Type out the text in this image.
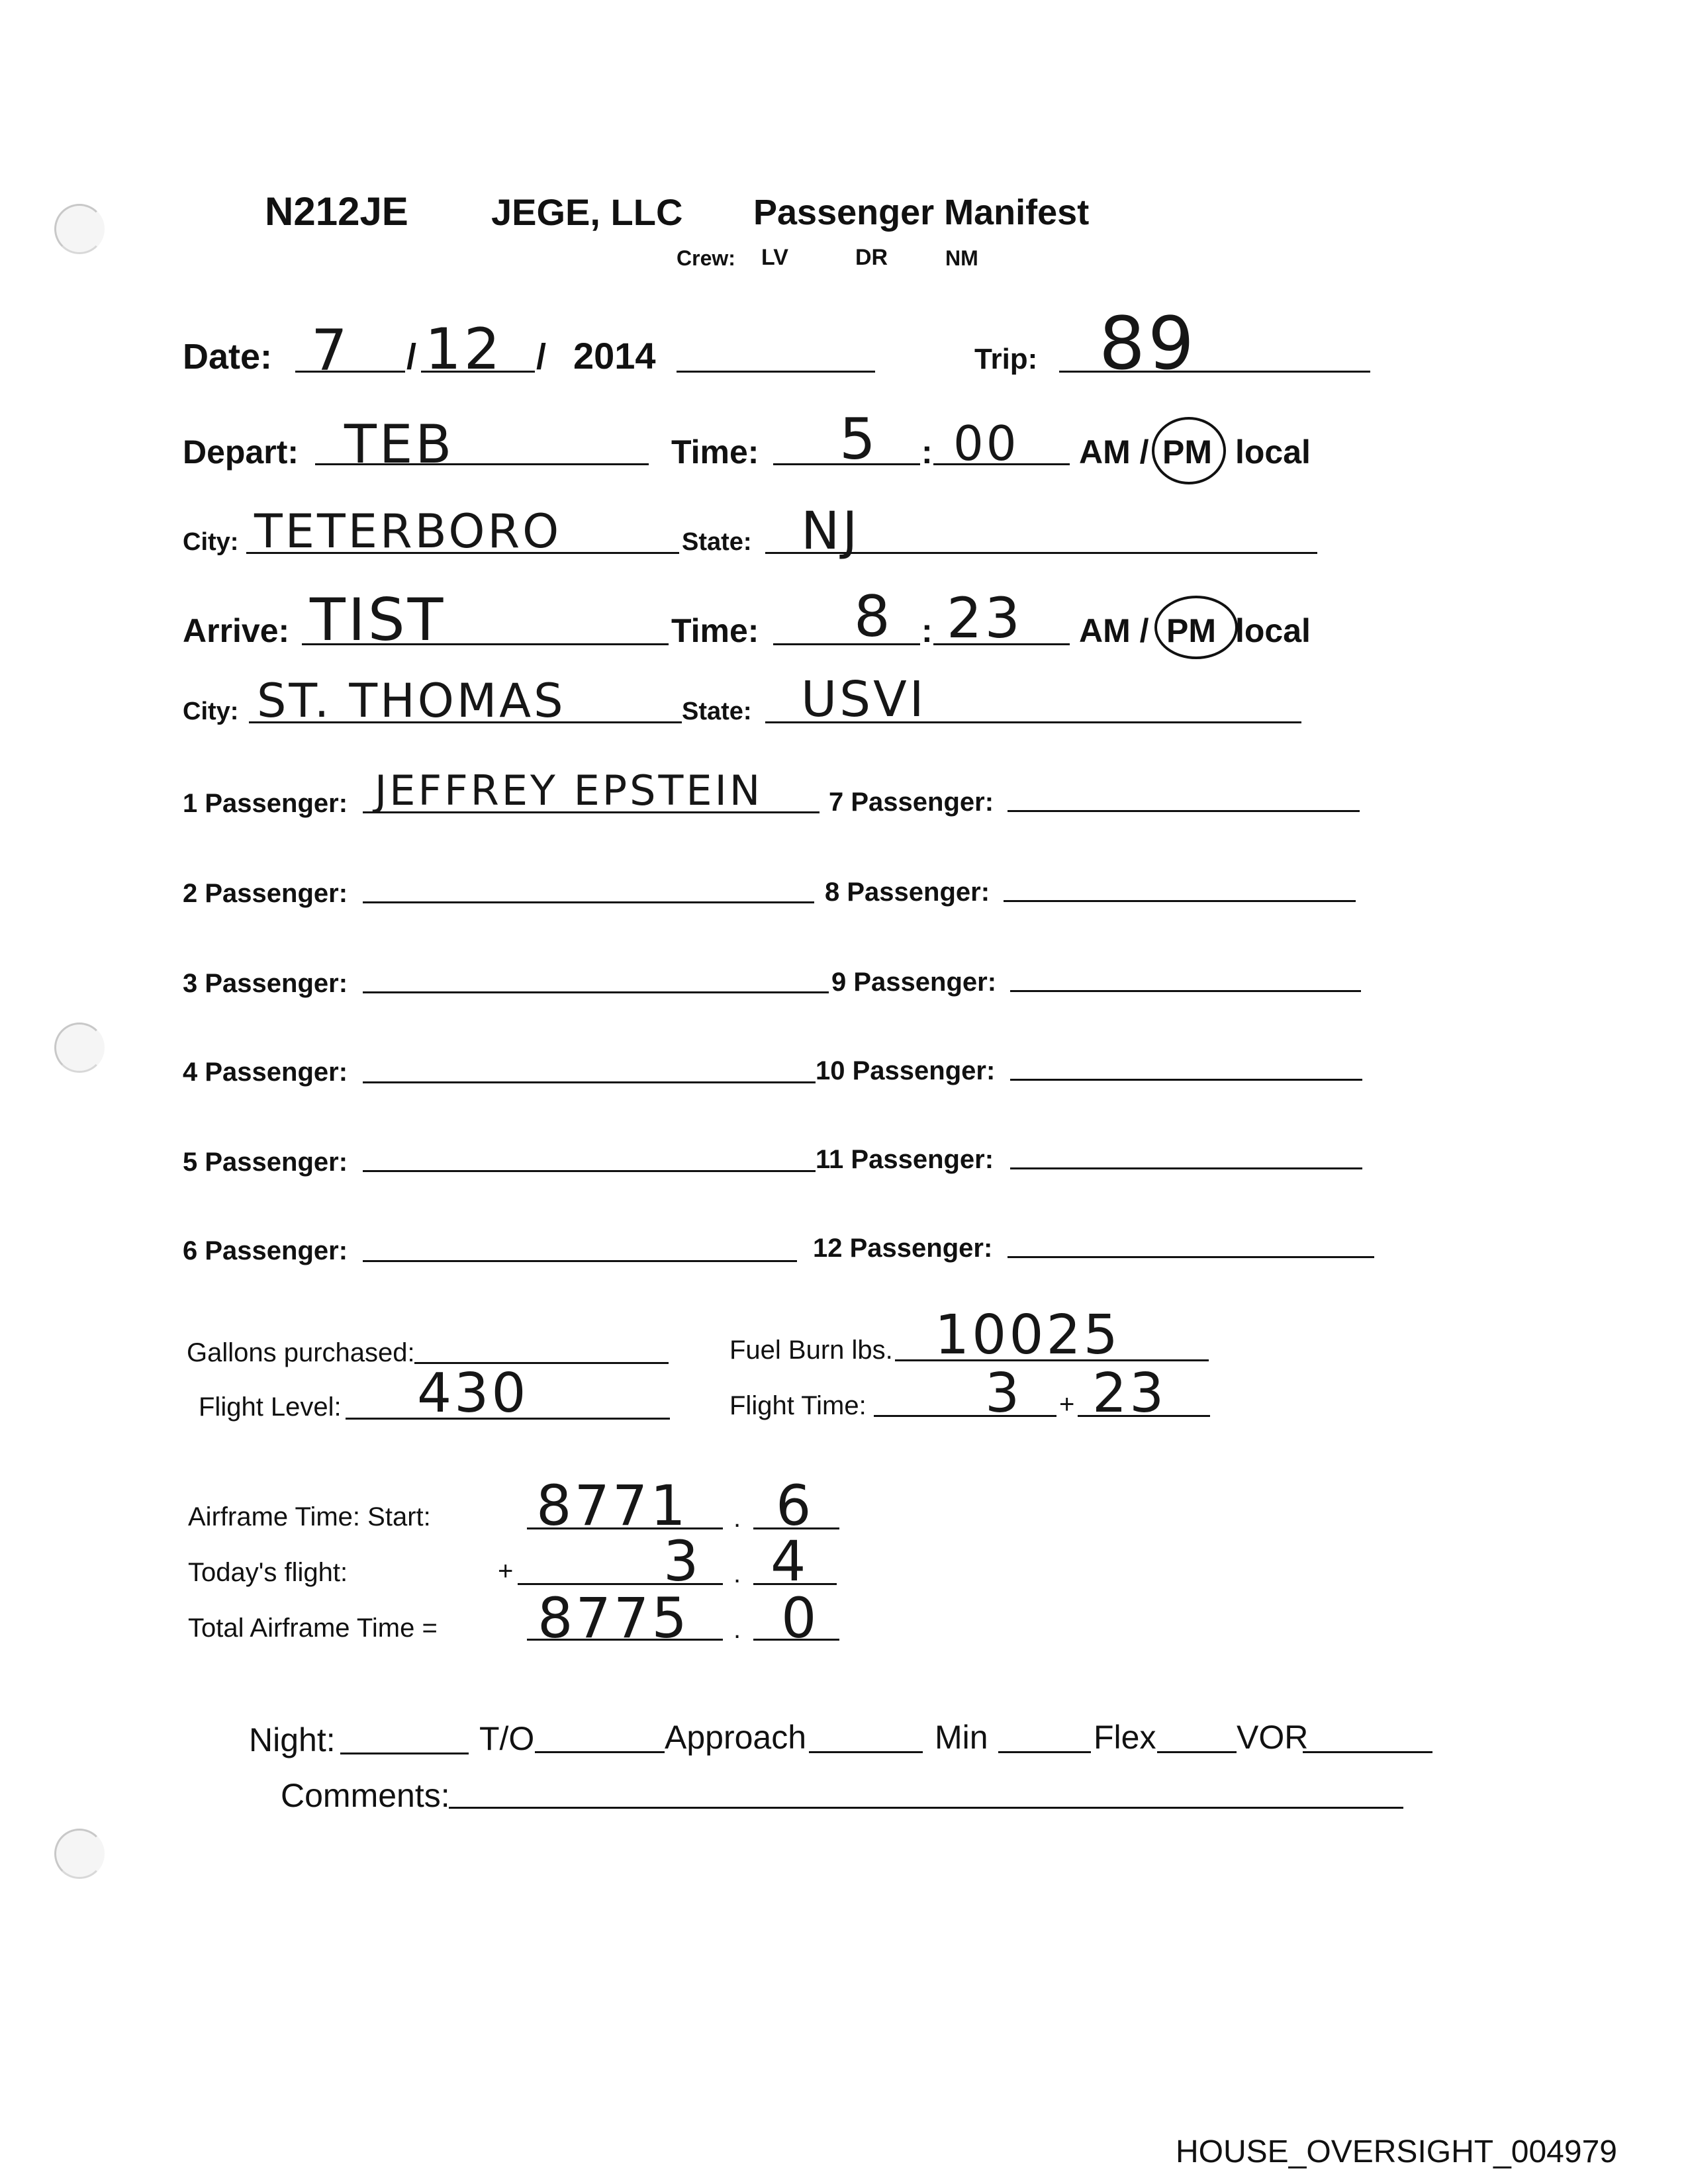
N212JE JEGE, LLC Passenger Manifest
Crew: LV	DR	NM
Date: 7 / 12 / 2014	Trip: 89
Depart: TEB	Time: 5 : 00 AM / PM local
City: TETERBORO	State: NJ
Arrive: TIST	Time: 8 : 23 AM / PM local
City: ST. THOMAS	State: USVI
1 Passenger: JEFFREY EPSTEIN
2 Passenger:
3 Passenger:
4 Passenger:
5 Passenger:
6 Passenger:
7 Passenger:
8 Passenger:
9 Passenger:
10 Passenger:
11 Passenger:
12 Passenger:
Gallons purchased:	Fuel Burn lbs. 10025
Flight Level: 430	Flight Time: 3 + 23
Airframe Time: Start: 8771 . 6
Today's flight:	+	3 . 4
Total Airframe Time = 8775 . 0
Night:	T/O	Approach	Min	Flex VOR
Comments:
HOUSE_OVERSIGHT_004979
